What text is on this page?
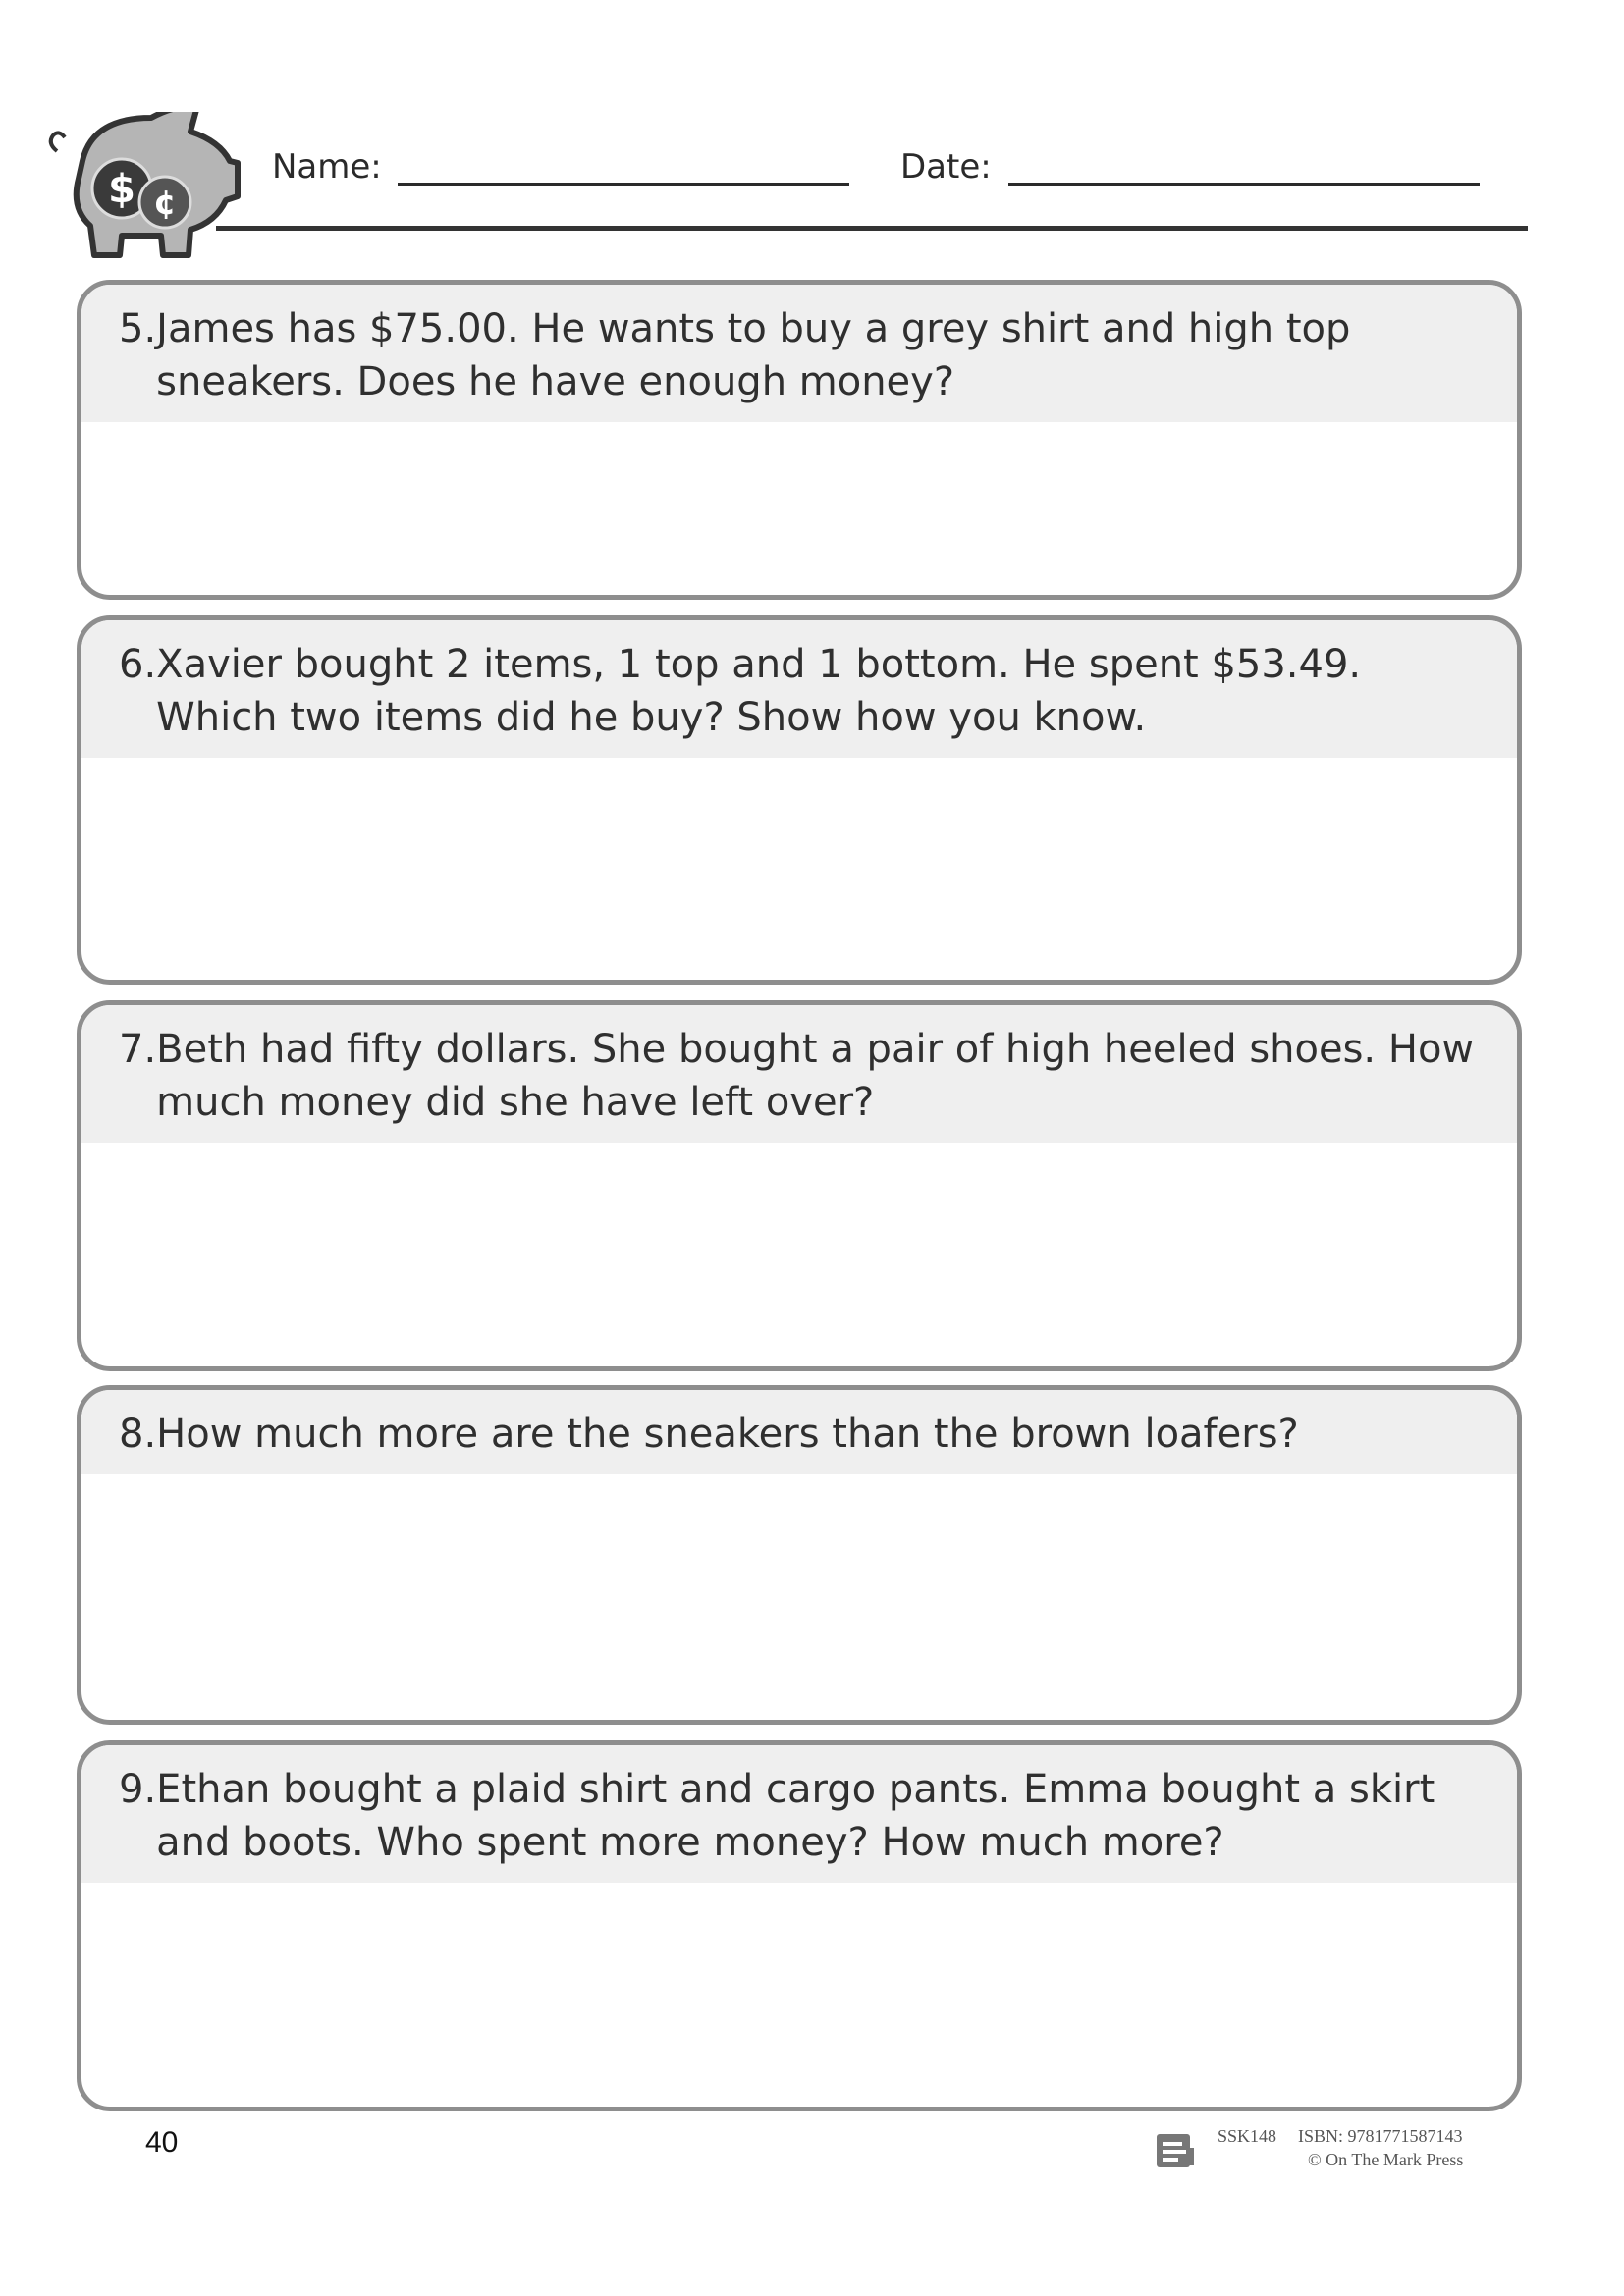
$ ¢
Name:	Date:
5. James has $75.00. He wants to buy a grey shirt and high top sneakers. Does he have enough money?
6. Xavier bought 2 items, 1 top and 1 bottom. He spent $53.49. Which two items did he buy? Show how you know.
7. Beth had fifty dollars. She bought a pair of high heeled shoes. How much money did she have left over?
8. How much more are the sneakers than the brown loafers?
9. Ethan bought a plaid shirt and cargo pants. Emma bought a skirt and boots. Who spent more money? How much more?
40	SSK148 ISBN: 9781771587143
© On The Mark Press
